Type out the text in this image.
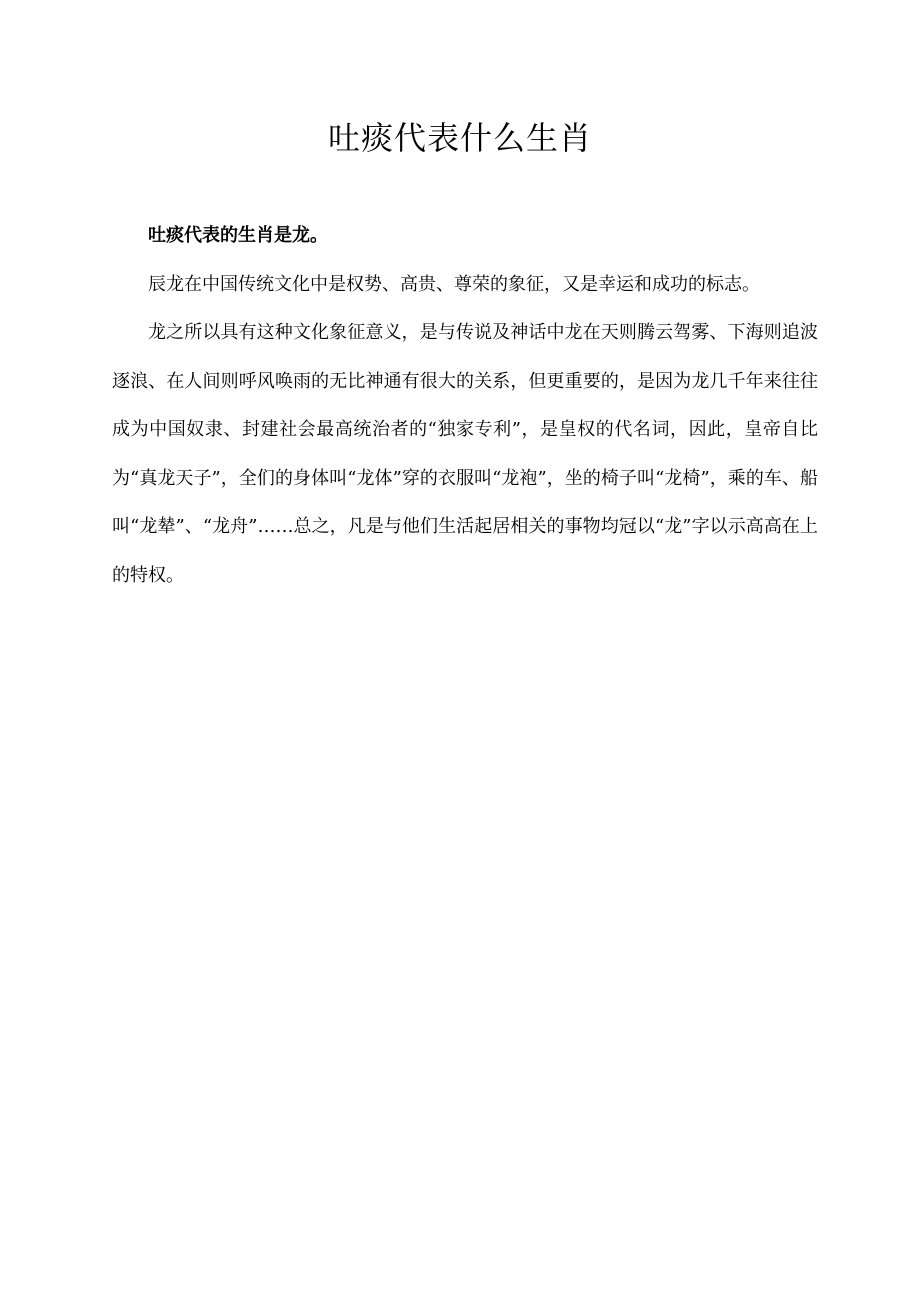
吐痰代表什么生肖

吐痰代表的生肖是龙。

辰龙在中国传统文化中是权势、高贵、尊荣的象征，又是幸运和成功的标志。

龙之所以具有这种文化象征意义，是与传说及神话中龙在天则腾云驾雾、下海则追波逐浪、在人间则呼风唤雨的无比神通有很大的关系，但更重要的，是因为龙几千年来往往成为中国奴隶、封建社会最高统治者的“独家专利”，是皇权的代名词，因此，皇帝自比为“真龙天子”，全们的身体叫“龙体”穿的衣服叫“龙袍”，坐的椅子叫“龙椅”，乘的车、船叫“龙辇”、“龙舟”……总之，凡是与他们生活起居相关的事物均冠以“龙”字以示高高在上的特权。
